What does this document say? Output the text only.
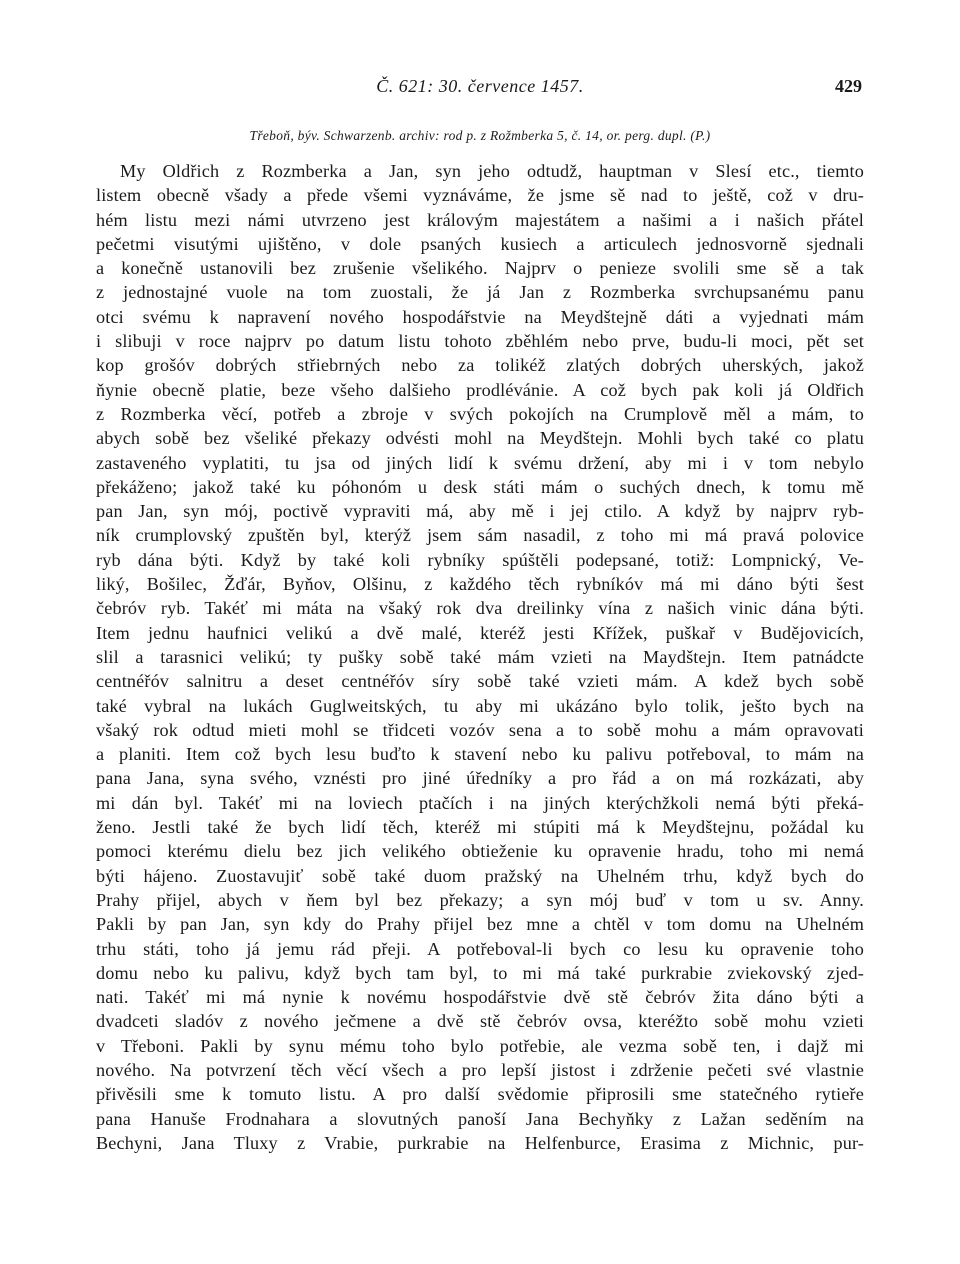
Č. 621: 30. července 1457.	429
Třeboň, býv. Schwarzenb. archiv: rod p. z Rožmberka 5, č. 14, or. perg. dupl. (P.)
My Oldřich z Rozmberka a Jan, syn jeho odtudž, hauptman v Slesí etc., tiemto
listem obecně všady a přede všemi vyznáváme, že jsme sě nad to ještě, což v dru-
hém listu mezi námi utvrzeno jest královým majestátem a našimi a i našich přátel
pečetmi visutými ujištěno, v dole psaných kusiech a articulech jednosvorně sjednali
a konečně ustanovili bez zrušenie všelikého. Najprv o penieze svolili sme sě a tak
z jednostajné vuole na tom zuostali, že já Jan z Rozmberka svrchupsanému panu
otci svému k napravení nového hospodářstvie na Meydštejně dáti a vyjednati mám
i slibuji v roce najprv po datum listu tohoto zběhlém nebo prve, budu-li moci, pět set
kop grošóv dobrých střiebrných nebo za tolikéž zlatých dobrých uherských, jakož
ňynie obecně platie, beze všeho dalšieho prodlévánie. A což bych pak koli já Oldřich
z Rozmberka věcí, potřeb a zbroje v svých pokojích na Crumplově měl a mám, to
abych sobě bez všeliké překazy odvésti mohl na Meydštejn. Mohli bych také co platu
zastaveného vyplatiti, tu jsa od jiných lidí k svému držení, aby mi i v tom nebylo
překáženo; jakož také ku póhonóm u desk státi mám o suchých dnech, k tomu mě
pan Jan, syn mój, poctivě vypraviti má, aby mě i jej ctilo. A když by najprv ryb-
ník crumplovský zpuštěn byl, kterýž jsem sám nasadil, z toho mi má pravá polovice
ryb dána býti. Když by také koli rybníky spúštěli podepsané, totiž: Lompnický, Ve-
liký, Bošilec, Žďár, Byňov, Olšinu, z každého těch rybníkóv má mi dáno býti šest
čebróv ryb. Takéť mi máta na všaký rok dva dreilinky vína z našich vinic dána býti.
Item jednu haufnici velikú a dvě malé, kteréž jesti Křížek, puškař v Budějovicích,
slil a tarasnici velikú; ty pušky sobě také mám vzieti na Maydštejn. Item patnádcte
centnéřóv salnitru a deset centnéřóv síry sobě také vzieti mám. A kdež bych sobě
také vybral na lukách Guglweitských, tu aby mi ukázáno bylo tolik, ješto bych na
všaký rok odtud mieti mohl se třidceti vozóv sena a to sobě mohu a mám opravovati
a planiti. Item což bych lesu buďto k stavení nebo ku palivu potřeboval, to mám na
pana Jana, syna svého, vznésti pro jiné úředníky a pro řád a on má rozkázati, aby
mi dán byl. Takéť mi na loviech ptačích i na jiných kterýchžkoli nemá býti překá-
ženo. Jestli také že bych lidí těch, kteréž mi stúpiti má k Meydštejnu, požádal ku
pomoci kterému dielu bez jich velikého obtieženie ku opravenie hradu, toho mi nemá
býti hájeno. Zuostavujiť sobě také duom pražský na Uhelném trhu, když bych do
Prahy přijel, abych v ňem byl bez překazy; a syn mój buď v tom u sv. Anny.
Pakli by pan Jan, syn kdy do Prahy přijel bez mne a chtěl v tom domu na Uhelném
trhu státi, toho já jemu rád přeji. A potřeboval-li bych co lesu ku opravenie toho
domu nebo ku palivu, když bych tam byl, to mi má také purkrabie zviekovský zjed-
nati. Takéť mi má nynie k novému hospodářstvie dvě stě čebróv žita dáno býti a
dvadceti sladóv z nového ječmene a dvě stě čebróv ovsa, kteréžto sobě mohu vzieti
v Třeboni. Pakli by synu mému toho bylo potřebie, ale vezma sobě ten, i dajž mi
nového. Na potvrzení těch věcí všech a pro lepší jistost i zdrženie pečeti své vlastnie
přivěsili sme k tomuto listu. A pro další svědomie připrosili sme statečného rytieře
pana Hanuše Frodnahara a slovutných panoší Jana Bechyňky z Lažan seděním na
Bechyni, Jana Tluxy z Vrabie, purkrabie na Helfenburce, Erasima z Michnic, pur-
